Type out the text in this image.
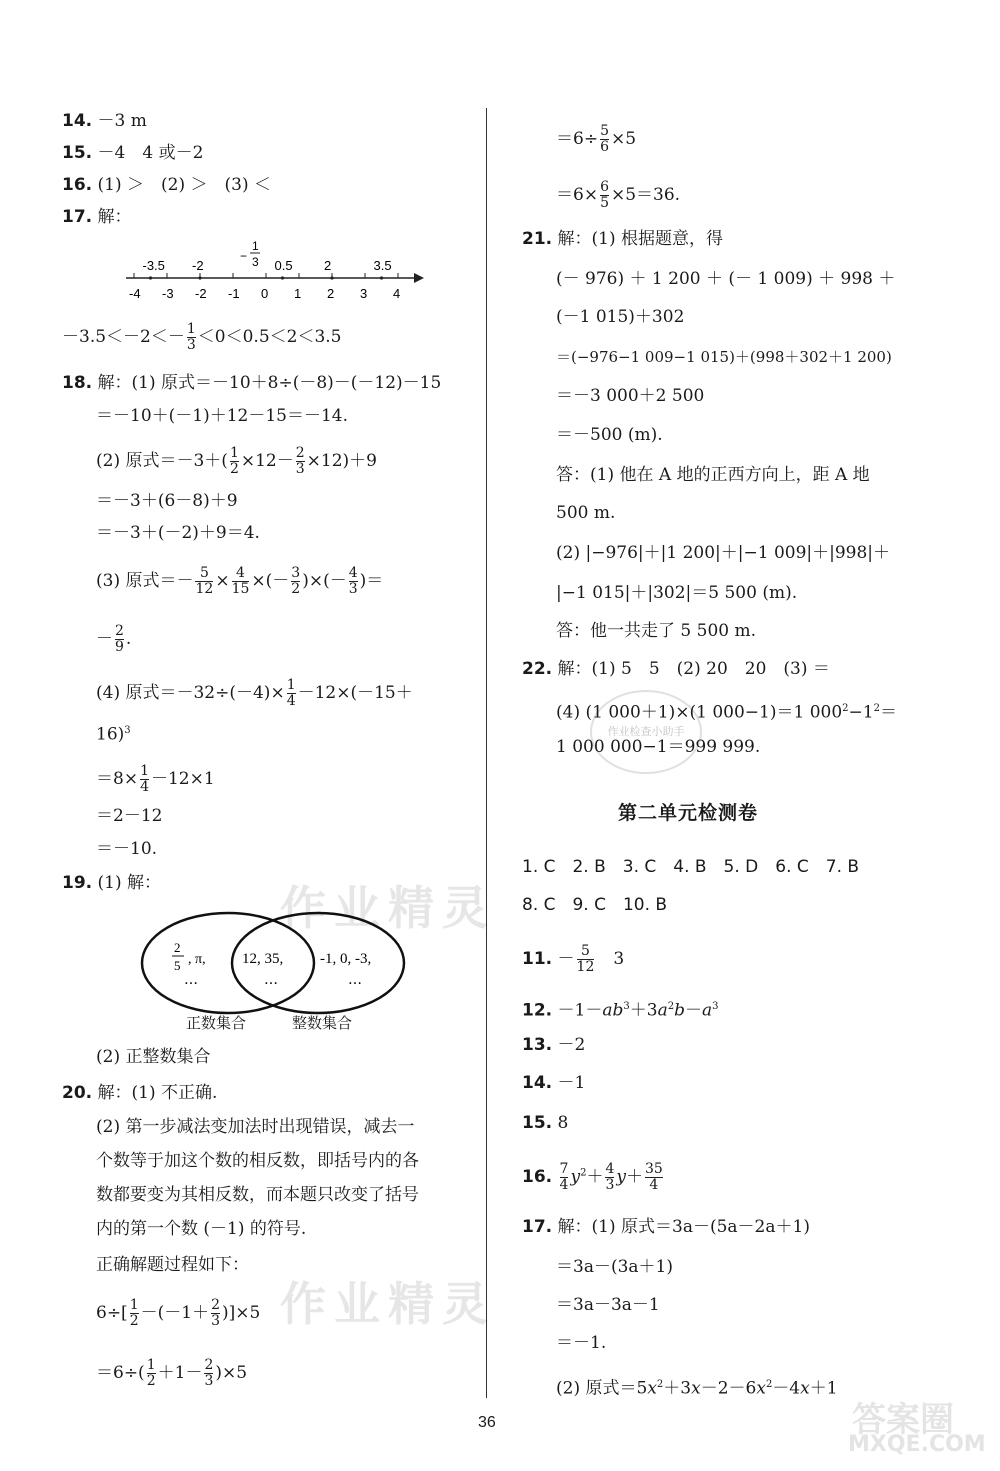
作业精灵
作业精灵
答案圈
MXQE.COM
作业检查小助手
14. －3 m
15. －4　4 或－2
16. (1) ＞　(2) ＞　(3) ＜
17. 解：
-4 -3 -2 -1 0 1 2 3 4
-3.5 -2	0.5 2	3.5
1
3
−
$-3.5<-2<- \frac{1}{3} <0<0.5<2<3.5$
18. 解：(1) 原式＝－10＋8÷(－8)－(－12)－15
＝－10＋(－1)＋12－15＝－14.
(2) 原式$=-3+( \frac{1}{2} \times 12- \frac{2}{3} \times 12)+9$
＝－3＋(6－8)＋9
＝－3＋(－2)＋9＝4.
(3) 原式＝－ $\frac{5}{12} \times \frac{4}{15}$ ×(－ $\frac{3}{2}$ )×(－ $\frac{4}{3}$ )＝
－ $\frac{2}{9}$ .
(4) 原式$=-32\div(-4)\times \frac{1}{4} -12\times(-15+$
16)$^3$
$=8\times \frac{1}{4} -12\times 1$
＝2－12
＝－10.
19. (1) 解：
2
5 , π,
…
12, 35,
…
-1, 0, -3,
…
正数集合	整数集合
(2) 正整数集合
20. 解：(1) 不正确.
(2) 第一步减法变加法时出现错误，减去一
个数等于加这个数的相反数，即括号内的各
数都要变为其相反数，而本题只改变了括号
内的第一个数 (－1) 的符号.
正确解题过程如下：
$6\div[ \frac{1}{2} -(-1+ \frac{2}{3} )]\times 5$
$=6\div( \frac{1}{2} +1- \frac{2}{3} )\times 5$
$=6\div \frac{5}{6} \times 5$
$=6\times \frac{6}{5} \times 5=36$.
21. 解：(1) 根据题意，得
(－ 976) ＋ 1 200 ＋ (－ 1 009) ＋ 998 ＋
(－1 015)＋302
＝(−976−1 009−1 015)＋(998＋302＋1 200)
＝－3 000＋2 500
＝－500 (m).
答：(1) 他在 A 地的正西方向上，距 A 地
500 m.
(2) |−976|＋|1 200|＋|−1 009|＋|998|＋
|−1 015|＋|302|＝5 500 (m).
答：他一共走了 5 500 m.
22. 解：(1) 5　5　(2) 20　20　(3) ＝
(4) (1 000＋1)×(1 000−1)＝1 $000^2-1^2=$
1 000 000−1＝999 999.
第二单元检测卷
1. C　2. B　3. C　4. B　5. D　6. C　7. B
8. C　9. C　10. B
11. － $\frac{5}{12}$ 　3
12. $-1-ab^3+3a^2b-a^3$
13. －2
14. －1
15. 8
16. $\frac{7}{4} y^2+ \frac{4}{3} y+ \frac{35}{4}$
17. 解：(1) 原式＝3a－(5a－2a＋1)
＝3a－(3a＋1)
＝3a－3a－1
＝－1.
(2) 原式$=5x^2+3x-2-6x^2-4x+1$
36
